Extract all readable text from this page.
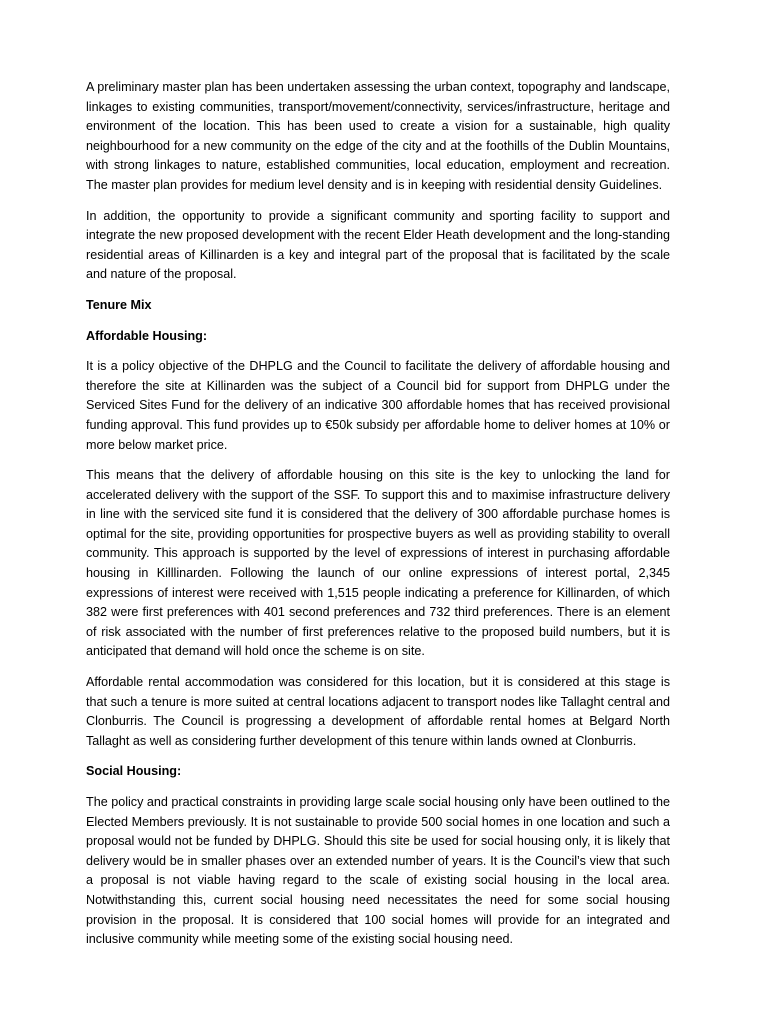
A preliminary master plan has been undertaken assessing the urban context, topography and landscape, linkages to existing communities, transport/movement/connectivity, services/infrastructure, heritage and environment of the location. This has been used to create a vision for a sustainable, high quality neighbourhood for a new community on the edge of the city and at the foothills of the Dublin Mountains, with strong linkages to nature, established communities, local education, employment and recreation. The master plan provides for medium level density and is in keeping with residential density Guidelines.

In addition, the opportunity to provide a significant community and sporting facility to support and integrate the new proposed development with the recent Elder Heath development and the long-standing residential areas of Killinarden is a key and integral part of the proposal that is facilitated by the scale and nature of the proposal.

Tenure Mix

Affordable Housing:

It is a policy objective of the DHPLG and the Council to facilitate the delivery of affordable housing and therefore the site at Killinarden was the subject of a Council bid for support from DHPLG under the Serviced Sites Fund for the delivery of an indicative 300 affordable homes that has received provisional funding approval. This fund provides up to €50k subsidy per affordable home to deliver homes at 10% or more below market price.

This means that the delivery of affordable housing on this site is the key to unlocking the land for accelerated delivery with the support of the SSF. To support this and to maximise infrastructure delivery in line with the serviced site fund it is considered that the delivery of 300 affordable purchase homes is optimal for the site, providing opportunities for prospective buyers as well as providing stability to overall community. This approach is supported by the level of expressions of interest in purchasing affordable housing in Killlinarden. Following the launch of our online expressions of interest portal, 2,345 expressions of interest were received with 1,515 people indicating a preference for Killinarden, of which 382 were first preferences with 401 second preferences and 732 third preferences. There is an element of risk associated with the number of first preferences relative to the proposed build numbers, but it is anticipated that demand will hold once the scheme is on site.

Affordable rental accommodation was considered for this location, but it is considered at this stage is that such a tenure is more suited at central locations adjacent to transport nodes like Tallaght central and Clonburris. The Council is progressing a development of affordable rental homes at Belgard North Tallaght as well as considering further development of this tenure within lands owned at Clonburris.

Social Housing:

The policy and practical constraints in providing large scale social housing only have been outlined to the Elected Members previously. It is not sustainable to provide 500 social homes in one location and such a proposal would not be funded by DHPLG. Should this site be used for social housing only, it is likely that delivery would be in smaller phases over an extended number of years. It is the Council’s view that such a proposal is not viable having regard to the scale of existing social housing in the local area. Notwithstanding this, current social housing need necessitates the need for some social housing provision in the proposal. It is considered that 100 social homes will provide for an integrated and inclusive community while meeting some of the existing social housing need.
